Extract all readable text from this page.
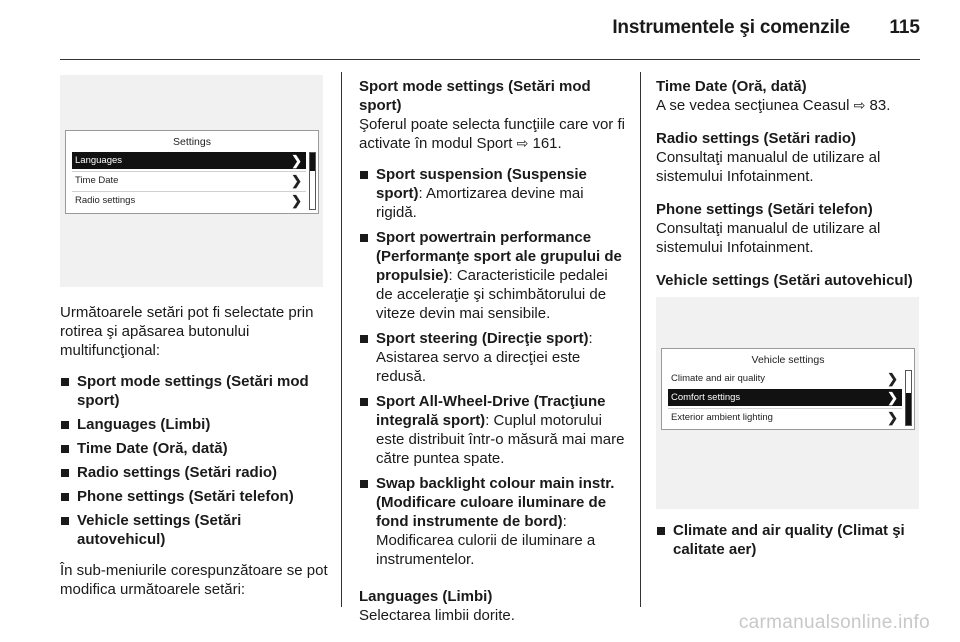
Instrumentele şi comenzile	115
Settings
Languages	❯
Time Date	❯
Radio settings	❯

Următoarele setări pot fi selectate prin rotirea şi apăsarea butonului multifuncţional:

Sport mode settings (Setări mod sport)
Languages (Limbi)
Time Date (Oră, dată)
Radio settings (Setări radio)
Phone settings (Setări telefon)
Vehicle settings (Setări autovehicul)

În sub-meniurile corespunzătoare se pot modifica următoarele setări:

Sport mode settings (Setări mod sport)

Şoferul poate selecta funcţiile care vor fi activate în modul Sport ⇨ 161.

Sport suspension (Suspensie sport): Amortizarea devine mai rigidă.
Sport powertrain performance (Performanţe sport ale grupului de propulsie): Caracteristicile pedalei de acceleraţie şi schimbătorului de viteze devin mai sensibile.
Sport steering (Direcţie sport): Asistarea servo a direcţiei este redusă.
Sport All-Wheel-Drive (Tracţiune integrală sport): Cuplul motorului este distribuit într-o măsură mai mare către puntea spate.
Swap backlight colour main instr. (Modificare culoare iluminare de fond instrumente de bord): Modificarea culorii de iluminare a instrumentelor.

Languages (Limbi)

Selectarea limbii dorite.

Time Date (Oră, dată)

A se vedea secţiunea Ceasul ⇨ 83.

Radio settings (Setări radio)

Consultaţi manualul de utilizare al sistemului Infotainment.

Phone settings (Setări telefon)

Consultaţi manualul de utilizare al sistemului Infotainment.

Vehicle settings (Setări autovehicul)

Vehicle settings
Climate and air quality	❯
Comfort settings	❯
Exterior ambient lighting	❯
Climate and air quality (Climat şi calitate aer)
carmanualsonline.info
